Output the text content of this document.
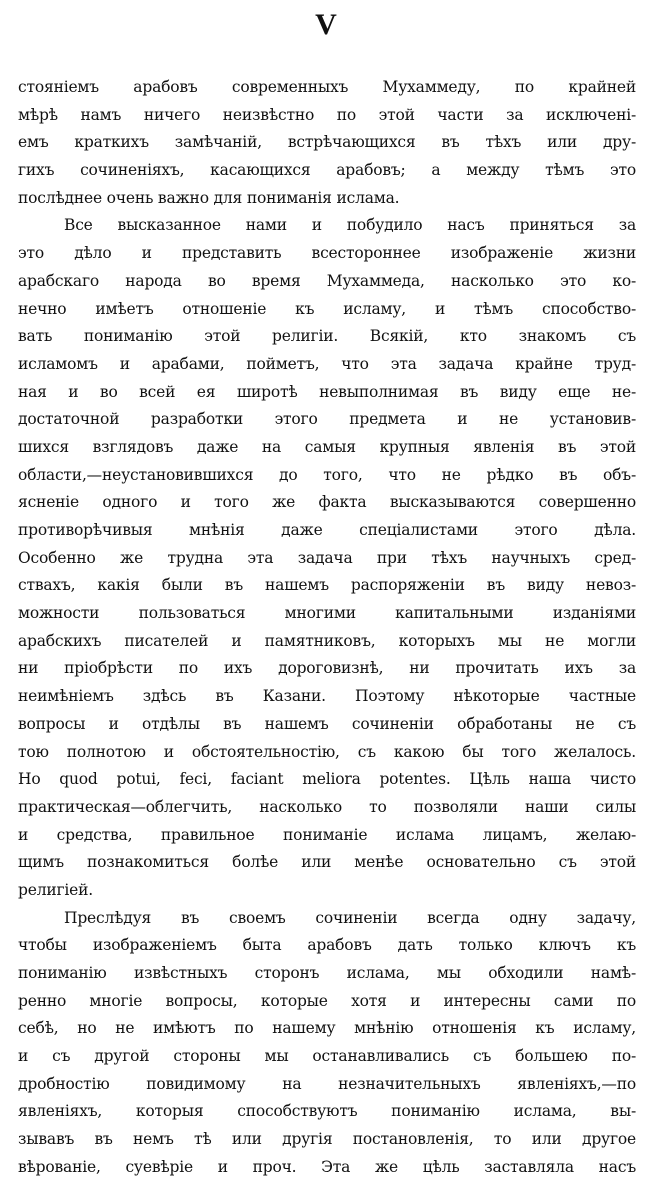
V
стоянiемъ арабовъ современныхъ Мухаммеду, по крайней
мѣрѣ намъ ничего неизвѣстно по этой части за исключенi-
емъ краткихъ замѣчанiй, встрѣчающихся въ тѣхъ или дру-
гихъ сочиненiяхъ, касающихся арабовъ; а между тѣмъ это
послѣднее очень важно для пониманiя ислама.
Все высказанное нами и побудило насъ приняться за
это дѣло и представить всестороннее изображенiе жизни
арабскаго народа во время Мухаммеда, насколько это ко-
нечно имѣетъ отношенiе къ исламу, и тѣмъ способство-
вать пониманiю этой религiи. Всякiй, кто знакомъ съ
исламомъ и арабами, пойметъ, что эта задача крайне труд-
ная и во всей ея широтѣ невыполнимая въ виду еще не-
достаточной разработки этого предмета и не установив-
шихся взглядовъ даже на самыя крупныя явленiя въ этой
области,—неустановившихся до того, что не рѣдко въ объ-
ясненiе одного и того же факта высказываются совершенно
противорѣчивыя мнѣнiя даже спецiалистами этого дѣла.
Особенно же трудна эта задача при тѣхъ научныхъ сред-
ствахъ, какiя были въ нашемъ распоряженiи въ виду невоз-
можности пользоваться многими капитальными изданiями
арабскихъ писателей и памятниковъ, которыхъ мы не могли
ни прiобрѣсти по ихъ дороговизнѣ, ни прочитать ихъ за
неимѣнiемъ здѣсь въ Казани. Поэтому нѣкоторые частные
вопросы и отдѣлы въ нашемъ сочиненiи обработаны не съ
тою полнотою и обстоятельностiю, съ какою бы того желалось.
Но quod potui, feci, faciant meliora potentes. Цѣль наша чисто
практическая—облегчить, насколько то позволяли наши силы
и средства, правильное пониманiе ислама лицамъ, желаю-
щимъ познакомиться болѣе или менѣе основательно съ этой
религiей.
Преслѣдуя въ своемъ сочиненiи всегда одну задачу,
чтобы изображенiемъ быта арабовъ дать только ключъ къ
пониманiю извѣстныхъ сторонъ ислама, мы обходили намѣ-
ренно многiе вопросы, которые хотя и интересны сами по
себѣ, но не имѣютъ по нашему мнѣнiю отношенiя къ исламу,
и съ другой стороны мы останавливались съ большею по-
дробностiю повидимому на незначительныхъ явленiяхъ,—по
явленiяхъ, которыя способствуютъ пониманiю ислама, вы-
зывавъ въ немъ тѣ или другiя постановленiя, то или другое
вѣрованiе, суевѣрiе и проч. Эта же цѣль заставляла насъ
